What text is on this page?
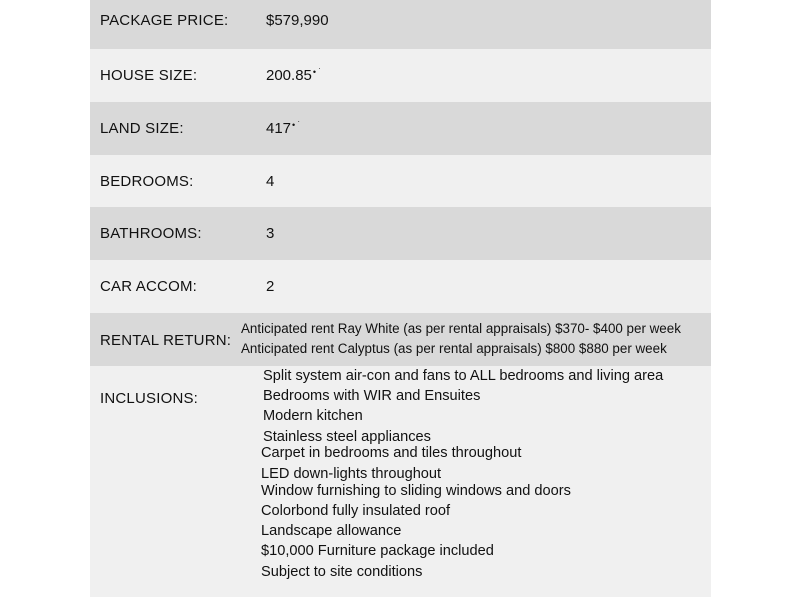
PACKAGE PRICE:	$579,990
HOUSE SIZE:	200.85• ˙
LAND SIZE:	417• ˙
BEDROOMS:	4
BATHROOMS:	3
CAR ACCOM:	2
RENTAL RETURN:
Anticipated rent Ray White (as per rental appraisals) $370- $400 per week
Anticipated rent Calyptus (as per rental appraisals) $800 $880 per week
INCLUSIONS:
Split system air-con and fans to ALL bedrooms and living area
Bedrooms with WIR and Ensuites
Modern kitchen
Stainless steel appliances
Carpet in bedrooms and tiles throughout
LED down-lights throughout
Window furnishing to sliding windows and doors
Colorbond fully insulated roof
Landscape allowance
$10,000 Furniture package included
Subject to site conditions
